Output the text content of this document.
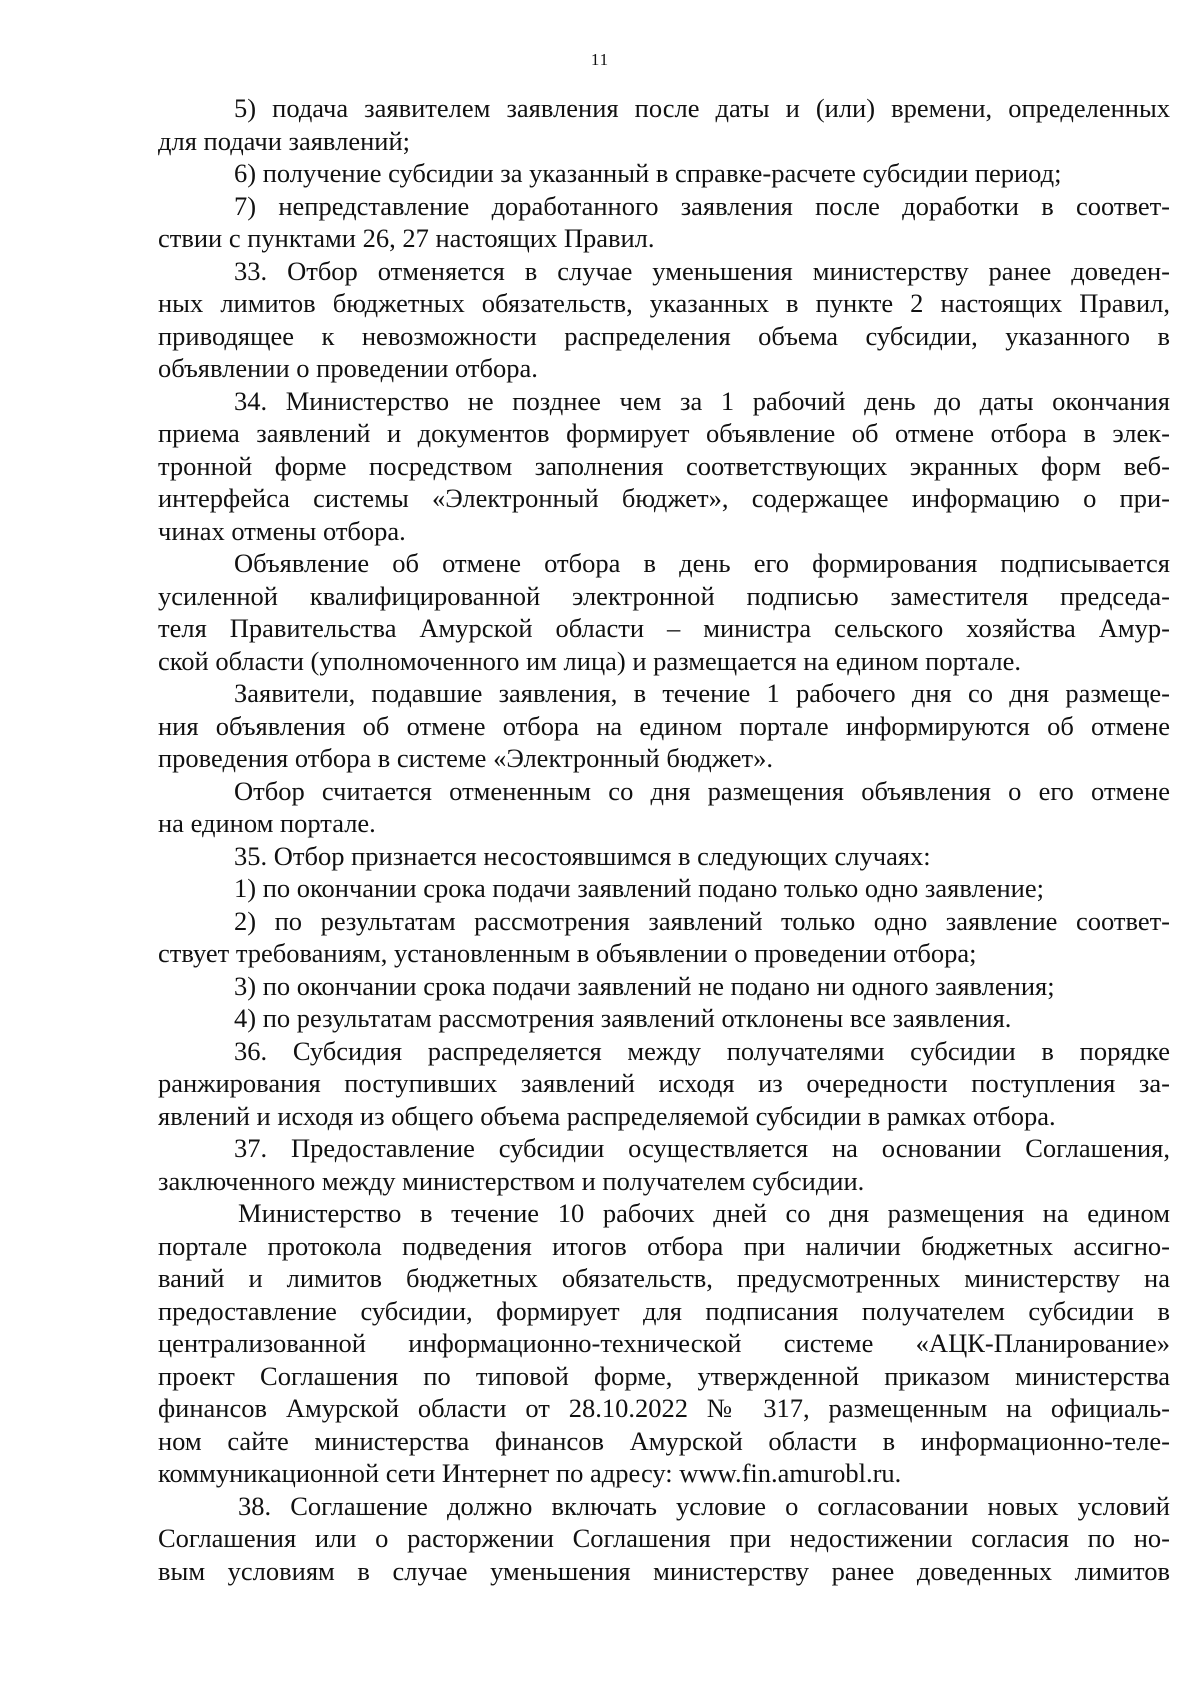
11
5) подача заявителем заявления после даты и (или) времени, определенных
для подачи заявлений;
6) получение субсидии за указанный в справке-расчете субсидии период;
7) непредставление доработанного заявления после доработки в соответ-
ствии с пунктами 26, 27 настоящих Правил.
33. Отбор отменяется в случае уменьшения министерству ранее доведен-
ных лимитов бюджетных обязательств, указанных в пункте 2 настоящих Правил,
приводящее к невозможности распределения объема субсидии, указанного в
объявлении о проведении отбора.
34. Министерство не позднее чем за 1 рабочий день до даты окончания
приема заявлений и документов формирует объявление об отмене отбора в элек-
тронной форме посредством заполнения соответствующих экранных форм веб-
интерфейса системы «Электронный бюджет», содержащее информацию о при-
чинах отмены отбора.
Объявление об отмене отбора в день его формирования подписывается
усиленной квалифицированной электронной подписью заместителя председа-
теля Правительства Амурской области – министра сельского хозяйства Амур-
ской области (уполномоченного им лица) и размещается на едином портале.
Заявители, подавшие заявления, в течение 1 рабочего дня со дня размеще-
ния объявления об отмене отбора на едином портале информируются об отмене
проведения отбора в системе «Электронный бюджет».
Отбор считается отмененным со дня размещения объявления о его отмене
на едином портале.
35. Отбор признается несостоявшимся в следующих случаях:
1) по окончании срока подачи заявлений подано только одно заявление;
2) по результатам рассмотрения заявлений только одно заявление соответ-
ствует требованиям, установленным в объявлении о проведении отбора;
3) по окончании срока подачи заявлений не подано ни одного заявления;
4) по результатам рассмотрения заявлений отклонены все заявления.
36. Субсидия распределяется между получателями субсидии в порядке
ранжирования поступивших заявлений исходя из очередности поступления за-
явлений и исходя из общего объема распределяемой субсидии в рамках отбора.
37. Предоставление субсидии осуществляется на основании Соглашения,
заключенного между министерством и получателем субсидии.
Министерство в течение 10 рабочих дней со дня размещения на едином
портале протокола подведения итогов отбора при наличии бюджетных ассигно-
ваний и лимитов бюджетных обязательств, предусмотренных министерству на
предоставление субсидии, формирует для подписания получателем субсидии в
централизованной информационно-технической системе «АЦК-Планирование»
проект Соглашения по типовой форме, утвержденной приказом министерства
финансов Амурской области от 28.10.2022 № 317, размещенным на официаль-
ном сайте министерства финансов Амурской области в информационно-теле-
коммуникационной сети Интернет по адресу: www.fin.amurobl.ru.
38. Соглашение должно включать условие о согласовании новых условий
Соглашения или о расторжении Соглашения при недостижении согласия по но-
вым условиям в случае уменьшения министерству ранее доведенных лимитов
